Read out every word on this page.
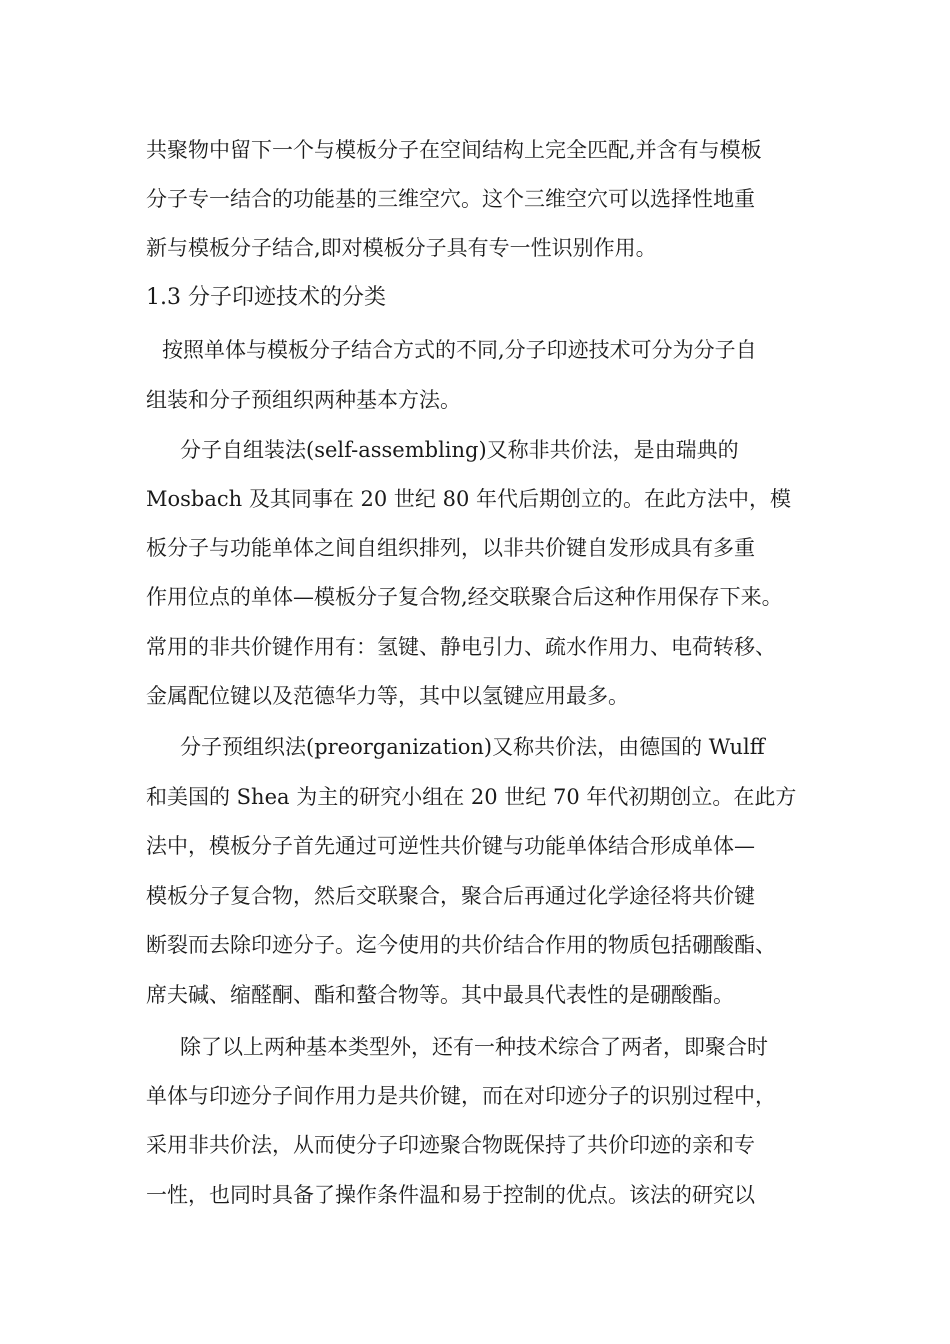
共聚物中留下一个与模板分子在空间结构上完全匹配,并含有与模板
分子专一结合的功能基的三维空穴。这个三维空穴可以选择性地重
新与模板分子结合,即对模板分子具有专一性识别作用。
1.3 分子印迹技术的分类
按照单体与模板分子结合方式的不同,分子印迹技术可分为分子自
组装和分子预组织两种基本方法。
分子自组装法(self-assembling)又称非共价法，是由瑞典的
Mosbach 及其同事在 20 世纪 80 年代后期创立的。在此方法中，模
板分子与功能单体之间自组织排列，以非共价键自发形成具有多重
作用位点的单体—模板分子复合物,经交联聚合后这种作用保存下来。
常用的非共价键作用有：氢键、静电引力、疏水作用力、电荷转移、
金属配位键以及范德华力等，其中以氢键应用最多。
分子预组织法(preorganization)又称共价法，由德国的 Wulff
和美国的 Shea 为主的研究小组在 20 世纪 70 年代初期创立。在此方
法中，模板分子首先通过可逆性共价键与功能单体结合形成单体—
模板分子复合物，然后交联聚合，聚合后再通过化学途径将共价键
断裂而去除印迹分子。迄今使用的共价结合作用的物质包括硼酸酯、
席夫碱、缩醛酮、酯和螯合物等。其中最具代表性的是硼酸酯。
除了以上两种基本类型外，还有一种技术综合了两者，即聚合时
单体与印迹分子间作用力是共价键，而在对印迹分子的识别过程中，
采用非共价法，从而使分子印迹聚合物既保持了共价印迹的亲和专
一性，也同时具备了操作条件温和易于控制的优点。该法的研究以
